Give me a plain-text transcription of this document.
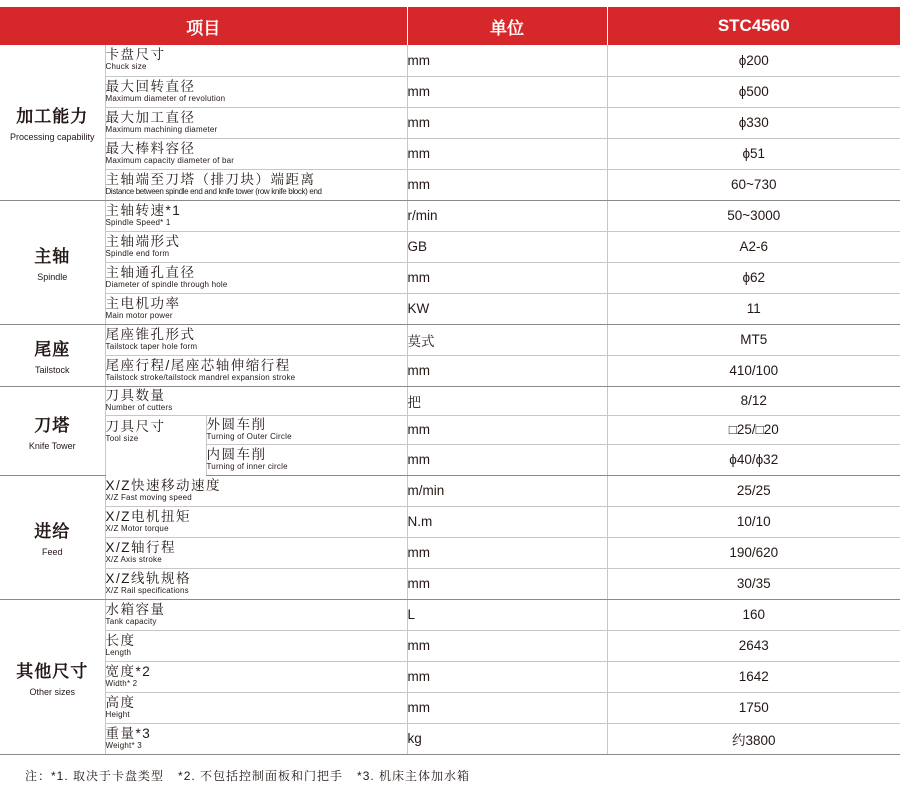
项目			单位	STC4560

加工能力
Processing capability	卡盘尺寸
Chuck size		mm	ϕ200

	最大回转直径
Maximum diameter of revolution		mm	ϕ500

	最大加工直径
Maximum machining diameter		mm	ϕ330

	最大棒料容径
Maximum capacity diameter of bar		mm	ϕ51

	主轴端至刀塔（排刀块）端距离
Distance between spindle end and knife tower (row knife block) end		mm	60~730

主轴
Spindle	主轴转速*1
Spindle Speed* 1		r/min	50~3000

	主轴端形式
Spindle end form		GB	A2-6

	主轴通孔直径
Diameter of spindle through hole		mm	ϕ62

	主电机功率
Main motor power		KW	11

尾座
Tailstock	尾座锥孔形式
Tailstock taper hole form		莫式	MT5

	尾座行程/尾座芯轴伸缩行程
Tailstock stroke/tailstock mandrel expansion stroke		mm	410/100

刀塔
Knife Tower	刀具数量
Number of cutters		把	8/12

	刀具尺寸
Tool size	外圆车削
Turning of Outer Circle	mm	□25/□20

		内圆车削
Turning of inner circle	mm	ϕ40/ϕ32

进给
Feed	X/Z快速移动速度
X/Z Fast moving speed		m/min	25/25

	X/Z电机扭矩
X/Z Motor torque		N.m	10/10

	X/Z轴行程
X/Z Axis stroke		mm	190/620

	X/Z线轨规格
X/Z Rail specifications		mm	30/35

其他尺寸
Other sizes	水箱容量
Tank capacity		L	160

	长度
Length		mm	2643

	宽度*2
Width* 2		mm	1642

	高度
Height		mm	1750

	重量*3
Weight* 3		kg	约3800
注：*1. 取决于卡盘类型 *2. 不包括控制面板和门把手 *3. 机床主体加水箱
